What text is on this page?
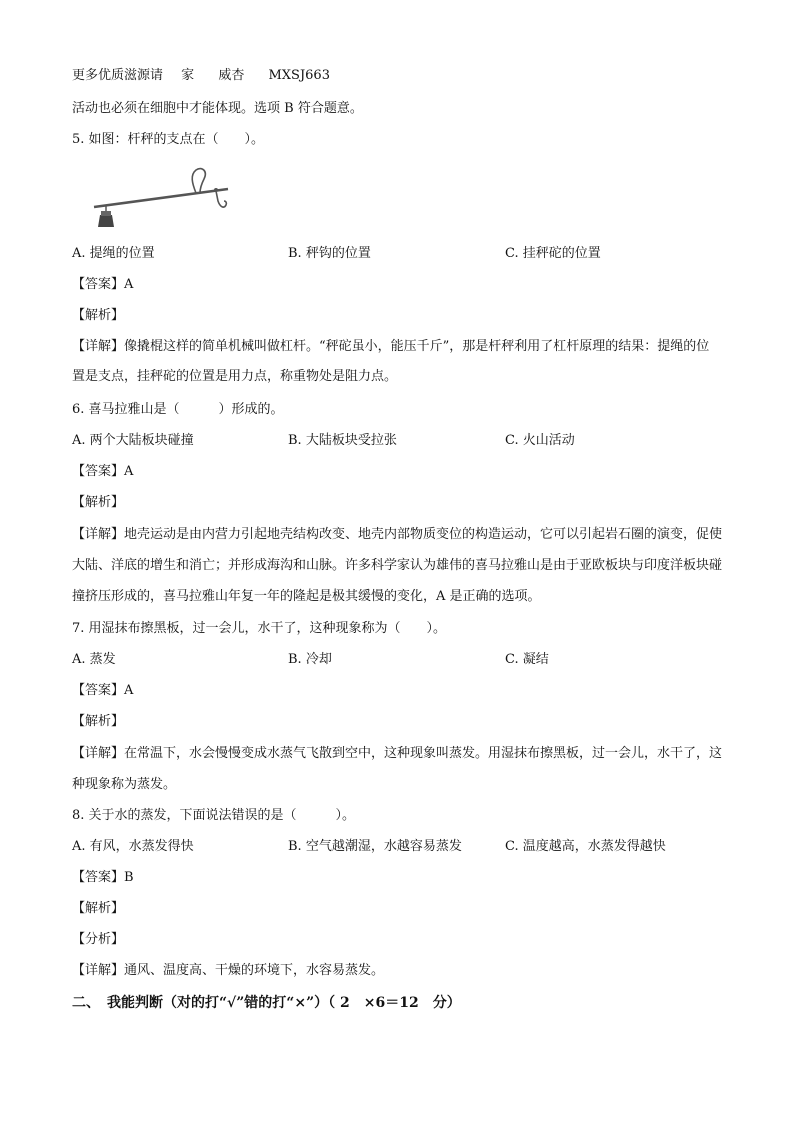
更多优质滋源请 家 威杏 MXSJ663
活动也必须在细胞中才能体现。选项 B 符合题意。
5. 如图：杆秤的支点在（　　）。
A. 提绳的位置	B. 秤钩的位置	C. 挂秤砣的位置
【答案】A
【解析】
【详解】像撬棍这样的简单机械叫做杠杆。“秤砣虽小，能压千斤”，那是杆秤利用了杠杆原理的结果：提绳的位置是支点，挂秤砣的位置是用力点，称重物处是阻力点。
6. 喜马拉雅山是（　　　）形成的。
A. 两个大陆板块碰撞	B. 大陆板块受拉张	C. 火山活动
【答案】A
【解析】
【详解】地壳运动是由内营力引起地壳结构改变、地壳内部物质变位的构造运动，它可以引起岩石圈的演变，促使大陆、洋底的增生和消亡；并形成海沟和山脉。许多科学家认为雄伟的喜马拉雅山是由于亚欧板块与印度洋板块碰撞挤压形成的，喜马拉雅山年复一年的隆起是极其缓慢的变化，A 是正确的选项。
7. 用湿抹布擦黑板，过一会儿，水干了，这种现象称为（　　）。
A. 蒸发	B. 冷却	C. 凝结
【答案】A
【解析】
【详解】在常温下，水会慢慢变成水蒸气飞散到空中，这种现象叫蒸发。用湿抹布擦黑板，过一会儿，水干了，这种现象称为蒸发。
8. 关于水的蒸发，下面说法错误的是（　　　）。
A. 有风，水蒸发得快	B. 空气越潮湿，水越容易蒸发	C. 温度越高，水蒸发得越快
【答案】B
【解析】
【分析】
【详解】通风、温度高、干燥的环境下，水容易蒸发。
二、　我能判断（对的打“√”错的打“×”）（ 2　×6＝12　分）
